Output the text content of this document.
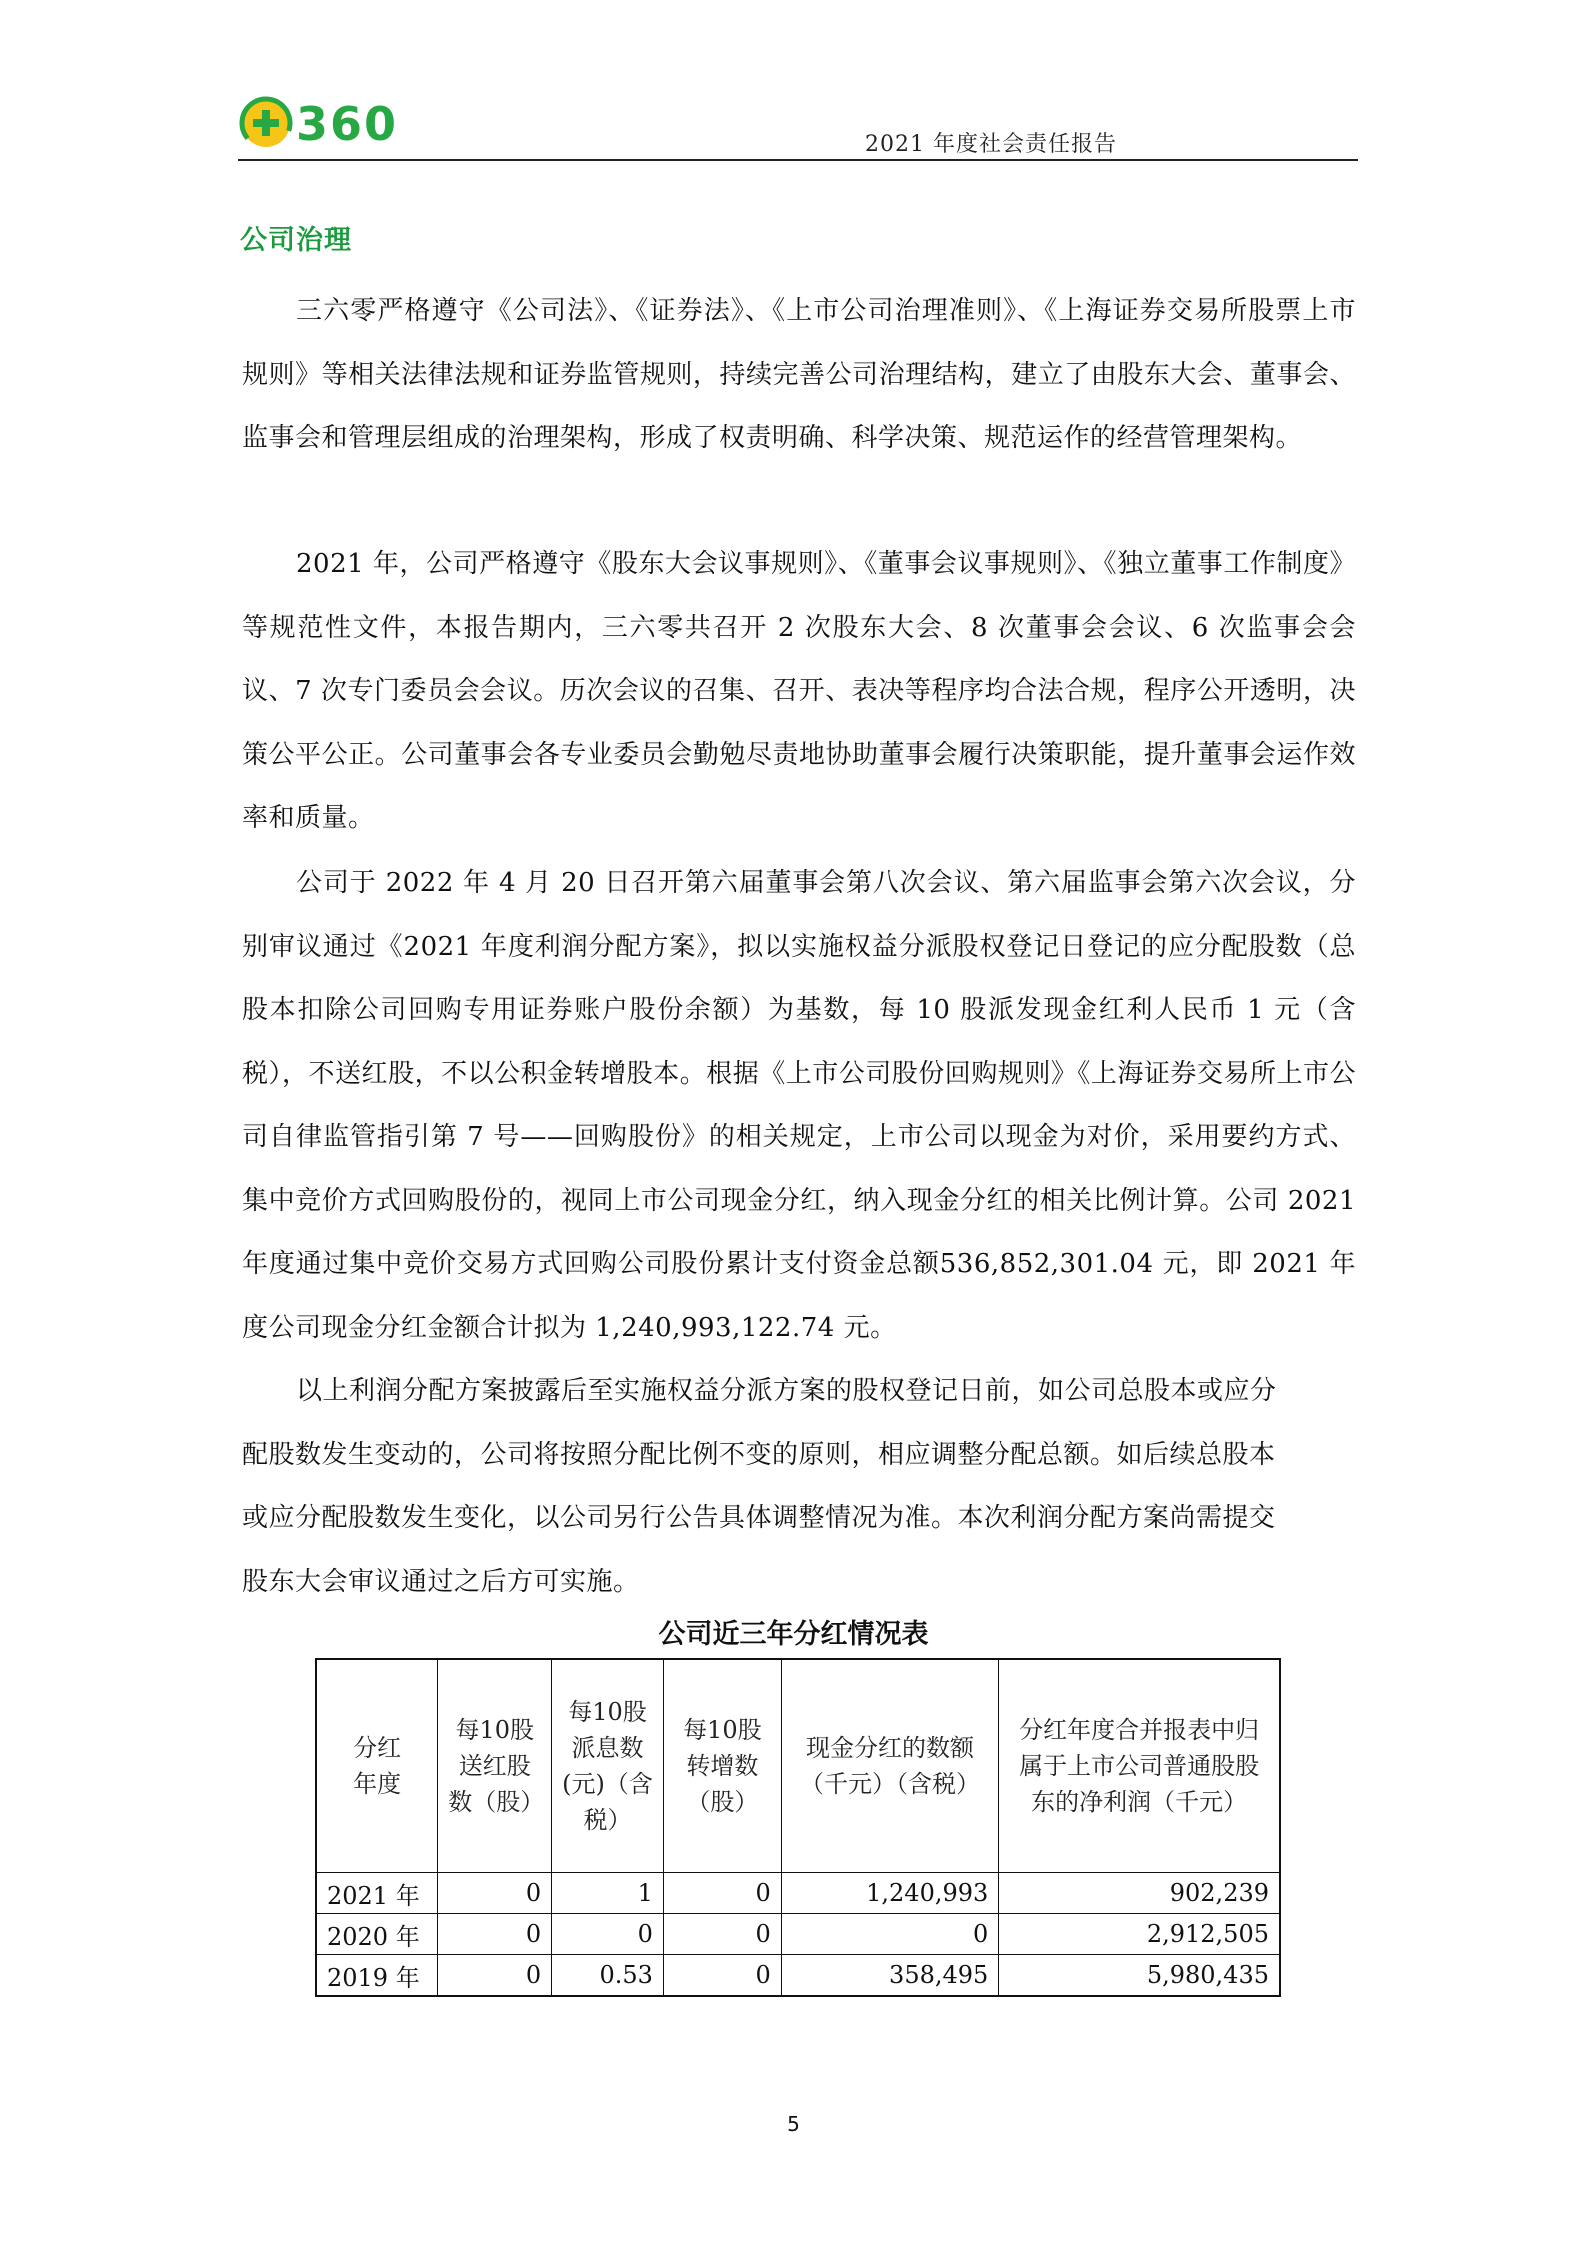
360	2021 年度社会责任报告
公司治理
三六零严格遵守《公司法》、《证券法》、《上市公司治理准则》、《上海证券交易所股票上市规则》等相关法律法规和证券监管规则，持续完善公司治理结构，建立了由股东大会、董事会、监事会和管理层组成的治理架构，形成了权责明确、科学决策、规范运作的经营管理架构。
2021 年，公司严格遵守《股东大会议事规则》、《董事会议事规则》、《独立董事工作制度》等规范性文件，本报告期内，三六零共召开 2 次股东大会、8 次董事会会议、6 次监事会会议、7 次专门委员会会议。历次会议的召集、召开、表决等程序均合法合规，程序公开透明，决策公平公正。公司董事会各专业委员会勤勉尽责地协助董事会履行决策职能，提升董事会运作效率和质量。
公司于 2022 年 4 月 20 日召开第六届董事会第八次会议、第六届监事会第六次会议，分别审议通过《2021 年度利润分配方案》，拟以实施权益分派股权登记日登记的应分配股数（总股本扣除公司回购专用证券账户股份余额）为基数，每 10 股派发现金红利人民币 1 元（含税），不送红股，不以公积金转增股本。根据《上市公司股份回购规则》《上海证券交易所上市公司自律监管指引第 7 号——回购股份》的相关规定，上市公司以现金为对价，采用要约方式、集中竞价方式回购股份的，视同上市公司现金分红，纳入现金分红的相关比例计算。公司 2021 年度通过集中竞价交易方式回购公司股份累计支付资金总额536,852,301.04 元，即 2021 年度公司现金分红金额合计拟为 1,240,993,122.74 元。
以上利润分配方案披露后至实施权益分派方案的股权登记日前，如公司总股本或应分配股数发生变动的，公司将按照分配比例不变的原则，相应调整分配总额。如后续总股本或应分配股数发生变化，以公司另行公告具体调整情况为准。本次利润分配方案尚需提交股东大会审议通过之后方可实施。
公司近三年分红情况表
分红年度	每10股送红股数（股）	每10股派息数(元)（含税）	每10股转增数（股）	现金分红的数额（千元）（含税）	分红年度合并报表中归属于上市公司普通股股东的净利润（千元）
2021 年	0	1	0	1,240,993	902,239
2020 年	0	0	0	0	2,912,505
2019 年	0	0.53	0	358,495	5,980,435
5
